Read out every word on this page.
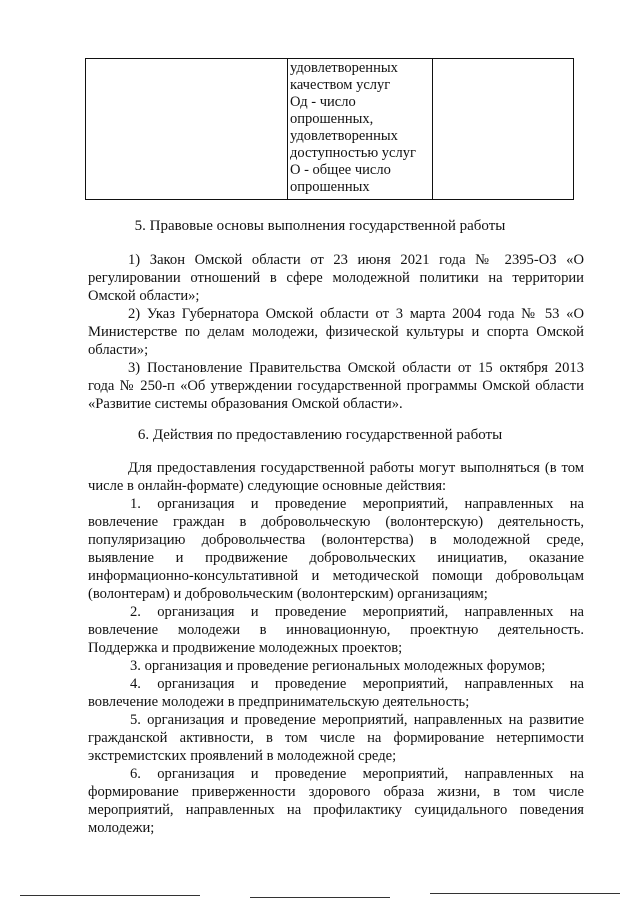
удовлетворенных
качеством услуг
Од - число
опрошенных,
удовлетворенных
доступностью услуг
О - общее число
опрошенных

5. Правовые основы выполнения государственной работы
1) Закон Омской области от 23 июня 2021 года № 2395-ОЗ «О
регулировании отношений в сфере молодежной политики на территории
Омской области»;
2) Указ Губернатора Омской области от 3 марта 2004 года № 53 «О
Министерстве по делам молодежи, физической культуры и спорта Омской
области»;
3) Постановление Правительства Омской области от 15 октября 2013
года № 250-п «Об утверждении государственной программы Омской области
«Развитие системы образования Омской области».
6. Действия по предоставлению государственной работы
Для предоставления государственной работы могут выполняться (в том
числе в онлайн-формате) следующие основные действия:
1. организация и проведение мероприятий, направленных на
вовлечение граждан в добровольческую (волонтерскую) деятельность,
популяризацию добровольчества (волонтерства) в молодежной среде,
выявление и продвижение добровольческих инициатив, оказание
информационно-консультативной и методической помощи добровольцам
(волонтерам) и добровольческим (волонтерским) организациям;
2. организация и проведение мероприятий, направленных на
вовлечение молодежи в инновационную, проектную деятельность.
Поддержка и продвижение молодежных проектов;
3. организация и проведение региональных молодежных форумов;
4. организация и проведение мероприятий, направленных на
вовлечение молодежи в предпринимательскую деятельность;
5. организация и проведение мероприятий, направленных на развитие
гражданской активности, в том числе на формирование нетерпимости
экстремистских проявлений в молодежной среде;
6. организация и проведение мероприятий, направленных на
формирование приверженности здорового образа жизни, в том числе
мероприятий, направленных на профилактику суицидального поведения
молодежи;
